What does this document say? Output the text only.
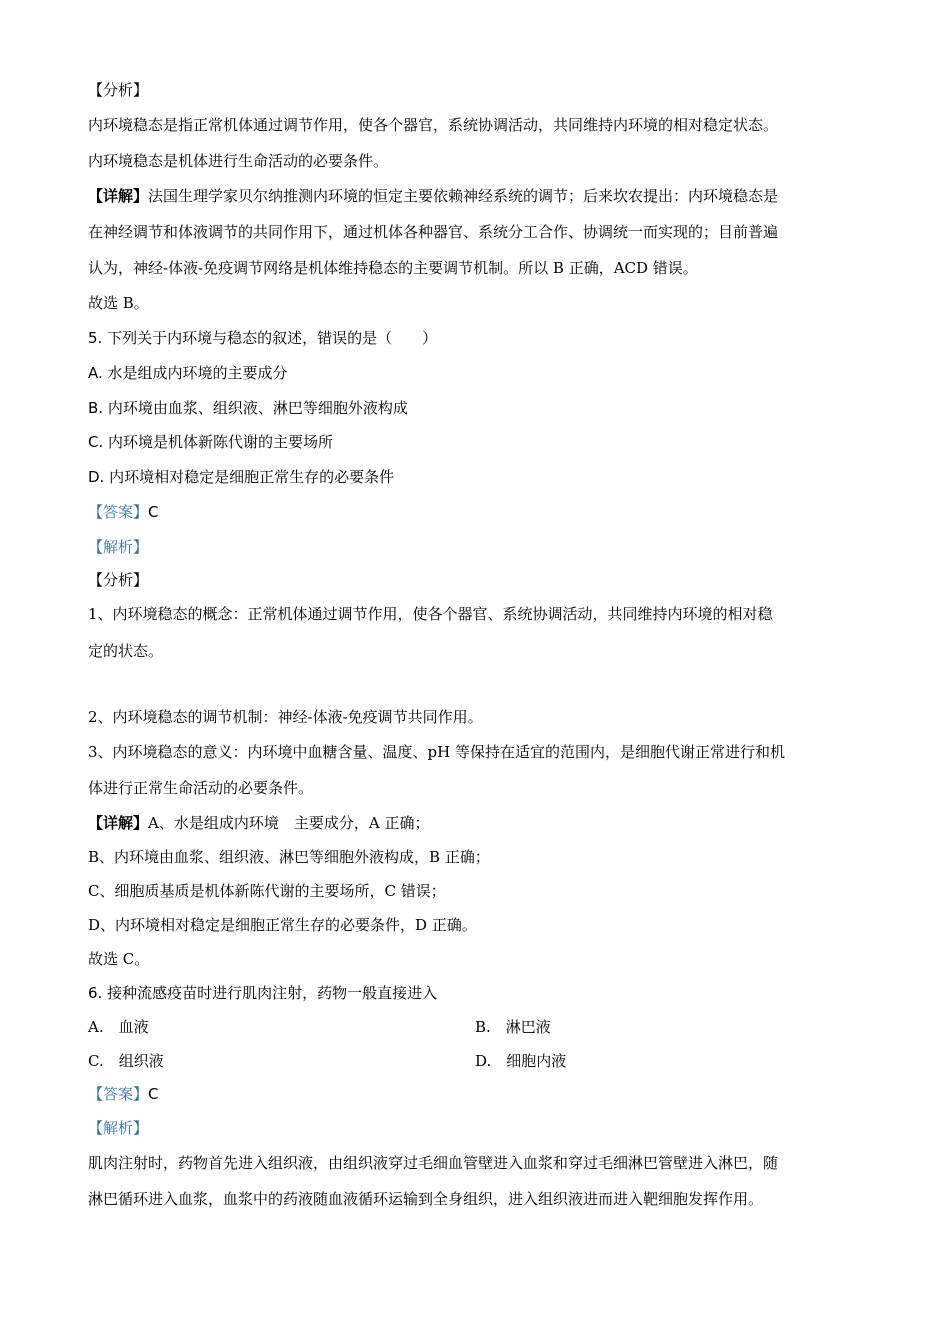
【分析】
内环境稳态是指正常机体通过调节作用，使各个器官，系统协调活动，共同维持内环境的相对稳定状态。
内环境稳态是机体进行生命活动的必要条件。
【详解】法国生理学家贝尔纳推测内环境的恒定主要依赖神经系统的调节；后来坎农提出：内环境稳态是
在神经调节和体液调节的共同作用下，通过机体各种器官、系统分工合作、协调统一而实现的；目前普遍
认为，神经-体液-免疫调节网络是机体维持稳态的主要调节机制。所以 B 正确，ACD 错误。
故选 B。
5. 下列关于内环境与稳态的叙述，错误的是（　　）
A. 水是组成内环境的主要成分
B. 内环境由血浆、组织液、淋巴等细胞外液构成
C. 内环境是机体新陈代谢的主要场所
D. 内环境相对稳定是细胞正常生存的必要条件
【答案】C
【解析】
【分析】
1、内环境稳态的概念：正常机体通过调节作用，使各个器官、系统协调活动，共同维持内环境的相对稳
定的状态。
2、内环境稳态的调节机制：神经-体液-免疫调节共同作用。
3、内环境稳态的意义：内环境中血糖含量、温度、pH 等保持在适宜的范围内，是细胞代谢正常进行和机
体进行正常生命活动的必要条件。
【详解】A、水是组成内环境　主要成分，A 正确；
B、内环境由血浆、组织液、淋巴等细胞外液构成，B 正确；
C、细胞质基质是机体新陈代谢的主要场所，C 错误；
D、内环境相对稳定是细胞正常生存的必要条件，D 正确。
故选 C。
6. 接种流感疫苗时进行肌肉注射，药物一般直接进入
A.　血液	B.　淋巴液
C.　组织液	D.　细胞内液
【答案】C
【解析】
肌肉注射时，药物首先进入组织液，由组织液穿过毛细血管壁进入血浆和穿过毛细淋巴管壁进入淋巴，随
淋巴循环进入血浆，血浆中的药液随血液循环运输到全身组织，进入组织液进而进入靶细胞发挥作用。
